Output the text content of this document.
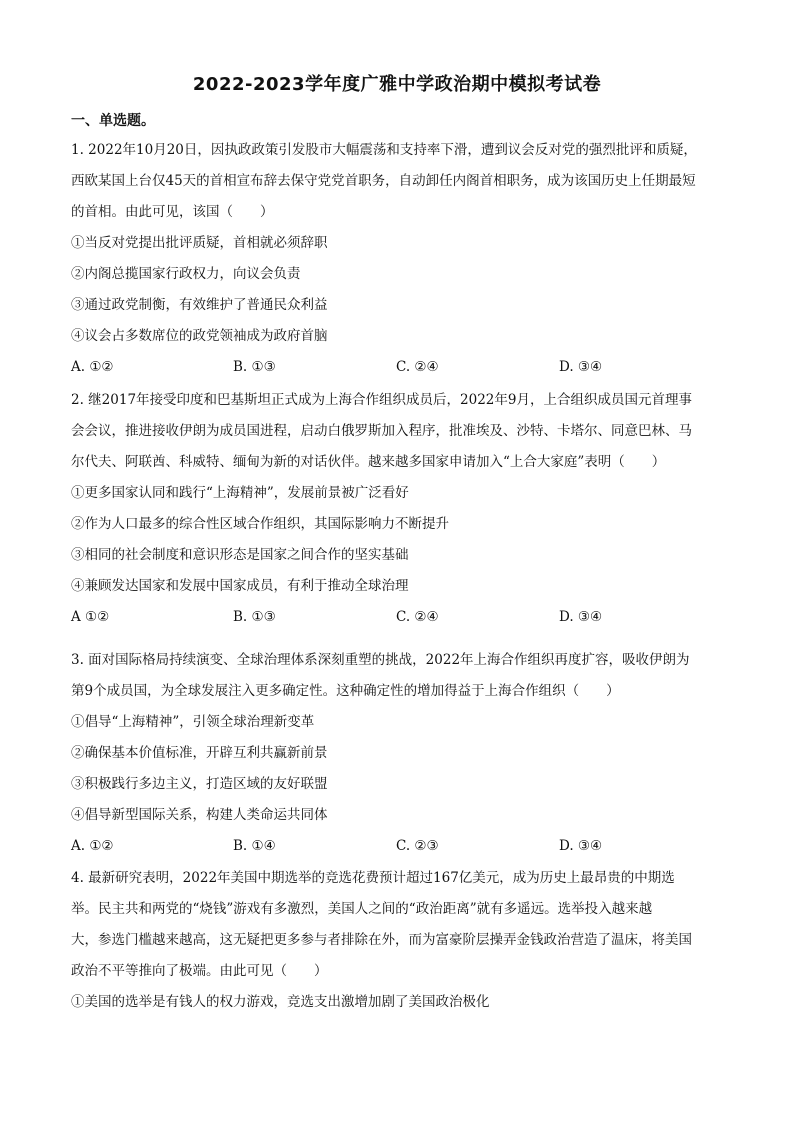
2022-2023学年度广雅中学政治期中模拟考试卷
一、单选题。
1. 2022年10月20日，因执政政策引发股市大幅震荡和支持率下滑，遭到议会反对党的强烈批评和质疑，
西欧某国上台仅45天的首相宣布辞去保守党党首职务，自动卸任内阁首相职务，成为该国历史上任期最短
的首相。由此可见，该国（　　）
①当反对党提出批评质疑，首相就必须辞职
②内阁总揽国家行政权力，向议会负责
③通过政党制衡，有效维护了普通民众利益
④议会占多数席位的政党领袖成为政府首脑
A. ①②	B. ①③	C. ②④	D. ③④
2. 继2017年接受印度和巴基斯坦正式成为上海合作组织成员后，2022年9月，上合组织成员国元首理事
会会议，推进接收伊朗为成员国进程，启动白俄罗斯加入程序，批准埃及、沙特、卡塔尔、同意巴林、马
尔代夫、阿联酋、科威特、缅甸为新的对话伙伴。越来越多国家申请加入“上合大家庭”表明（　　）
①更多国家认同和践行“上海精神”，发展前景被广泛看好
②作为人口最多的综合性区域合作组织，其国际影响力不断提升
③相同的社会制度和意识形态是国家之间合作的坚实基础
④兼顾发达国家和发展中国家成员，有利于推动全球治理
A ①②	B. ①③	C. ②④	D. ③④
3. 面对国际格局持续演变、全球治理体系深刻重塑的挑战，2022年上海合作组织再度扩容，吸收伊朗为
第9个成员国，为全球发展注入更多确定性。这种确定性的增加得益于上海合作组织（　　）
①倡导“上海精神”，引领全球治理新变革
②确保基本价值标准，开辟互利共赢新前景
③积极践行多边主义，打造区域的友好联盟
④倡导新型国际关系，构建人类命运共同体
A. ①②	B. ①④	C. ②③	D. ③④
4. 最新研究表明，2022年美国中期选举的竞选花费预计超过167亿美元，成为历史上最昂贵的中期选
举。民主共和两党的“烧钱”游戏有多激烈，美国人之间的“政治距离”就有多遥远。选举投入越来越
大，参选门槛越来越高，这无疑把更多参与者排除在外，而为富豪阶层操弄金钱政治营造了温床，将美国
政治不平等推向了极端。由此可见（　　）
①美国的选举是有钱人的权力游戏，竞选支出激增加剧了美国政治极化
